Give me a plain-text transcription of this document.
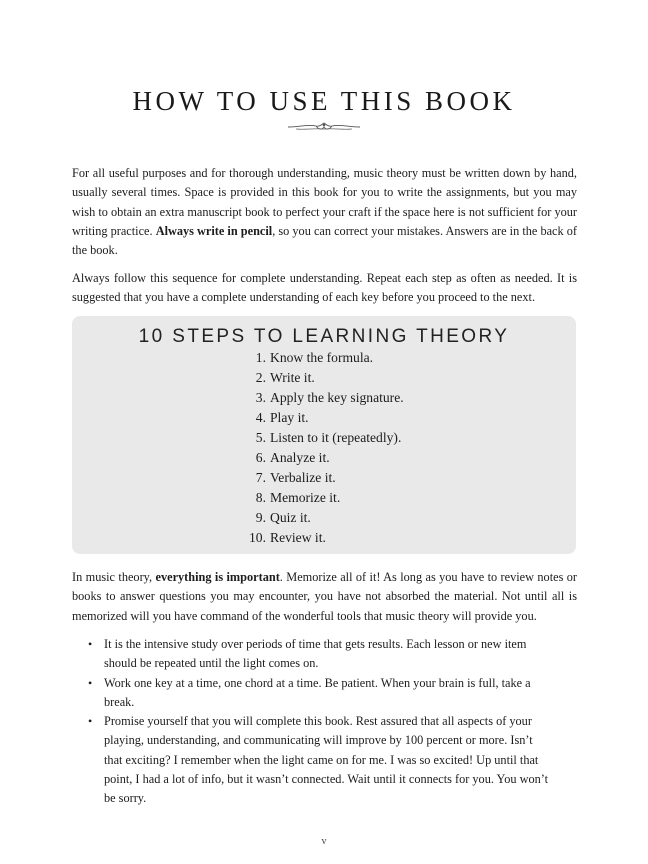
HOW TO USE THIS BOOK

For all useful purposes and for thorough understanding, music theory must be written down by hand, usually several times. Space is provided in this book for you to write the assignments, but you may wish to obtain an extra manuscript book to perfect your craft if the space here is not sufficient for your writing practice. Always write in pencil, so you can correct your mistakes. Answers are in the back of the book.

Always follow this sequence for complete understanding. Repeat each step as often as needed. It is suggested that you have a complete understanding of each key before you proceed to the next.

10 STEPS TO LEARNING THEORY
1. Know the formula.
2. Write it.
3. Apply the key signature.
4. Play it.
5. Listen to it (repeatedly).
6. Analyze it.
7. Verbalize it.
8. Memorize it.
9. Quiz it.
10. Review it.

In music theory, everything is important. Memorize all of it! As long as you have to review notes or books to answer questions you may encounter, you have not absorbed the material. Not until all is memorized will you have command of the wonderful tools that music theory will provide you.

• It is the intensive study over periods of time that gets results. Each lesson or new item should be repeated until the light comes on.
• Work one key at a time, one chord at a time. Be patient. When your brain is full, take a break.
• Promise yourself that you will complete this book. Rest assured that all aspects of your playing, understanding, and communicating will improve by 100 percent or more. Isn’t that exciting? I remember when the light came on for me. I was so excited! Up until that point, I had a lot of info, but it wasn’t connected. Wait until it connects for you. You won’t be sorry.
v
